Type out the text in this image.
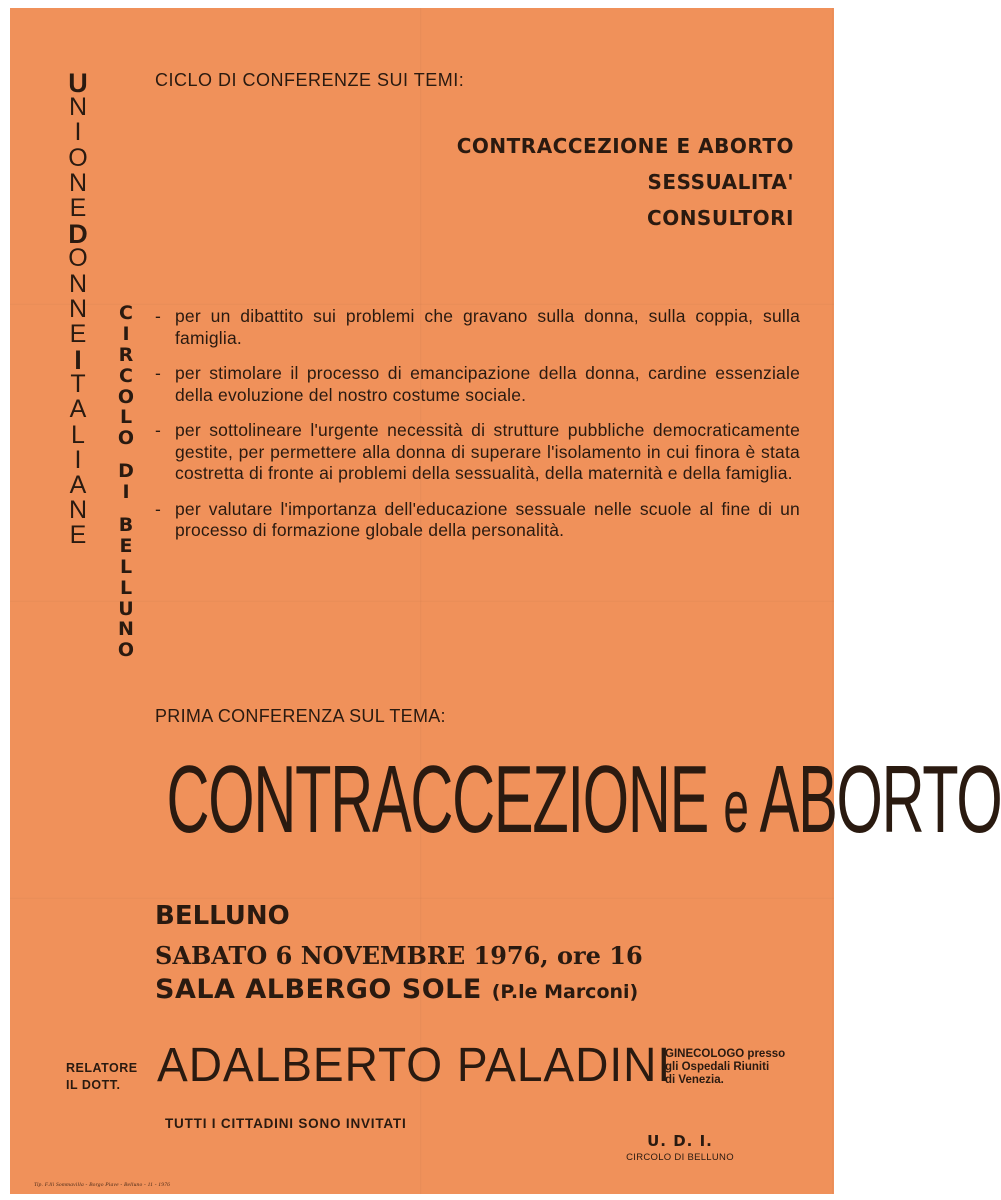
U
N
I
O
N
E
D
O
N
N
E
I
T
A
L
I
A
N
E
C
I
R
C
O
L
O
D
I
B
E
L
L
U
N
O
CICLO DI CONFERENZE SUI TEMI:
CONTRACCEZIONE E ABORTO
SESSUALITA'
CONSULTORI
- per un dibattito sui problemi che gravano sulla donna, sulla coppia, sulla famiglia.
- per stimolare il processo di emancipazione della donna, cardine essenziale della evoluzione del nostro costume sociale.
- per sottolineare l'urgente necessità di strutture pubbliche democraticamente gestite, per permettere alla donna di superare l'isolamento in cui finora è stata costretta di fronte ai problemi della sessualità, della maternità e della famiglia.
- per valutare l'importanza dell'educazione sessuale nelle scuole al fine di un processo di formazione globale della personalità.
PRIMA CONFERENZA SUL TEMA:
CONTRACCEZIONE e ABORTO
BELLUNO
SABATO 6 NOVEMBRE 1976, ore 16
SALA ALBERGO SOLE (P.le Marconi)
RELATORE
IL DOTT. ADALBERTO PALADINI
GINECOLOGO presso
gli Ospedali Riuniti
di Venezia.
TUTTI I CITTADINI SONO INVITATI
U. D. I.
CIRCOLO DI BELLUNO
Tip. F.lli Sommavilla - Borgo Piave - Belluno - 11 - 1976
